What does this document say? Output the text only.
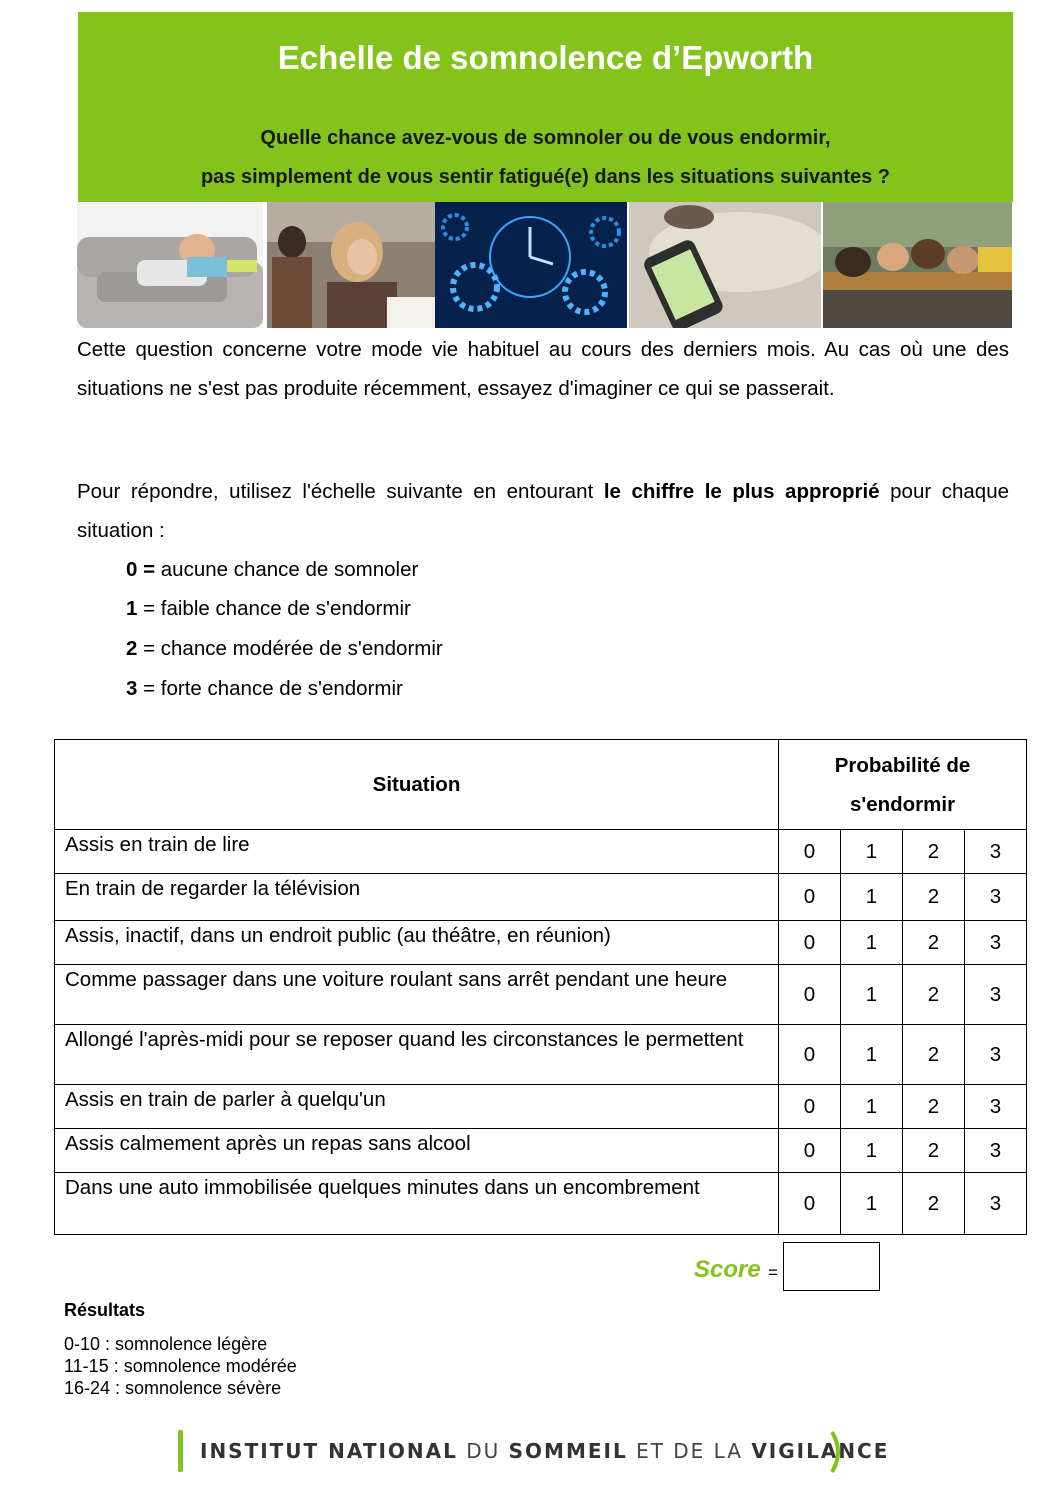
Echelle de somnolence d’Epworth
Quelle chance avez-vous de somnoler ou de vous endormir,
pas simplement de vous sentir fatigué(e) dans les situations suivantes ?
Cette question concerne votre mode vie habituel au cours des derniers mois. Au cas où une des situations ne s'est pas produite récemment, essayez d'imaginer ce qui se passerait.
Pour répondre, utilisez l'échelle suivante en entourant le chiffre le plus approprié pour chaque situation :
0 = aucune chance de somnoler
1 = faible chance de s'endormir
2 = chance modérée de s'endormir
3 = forte chance de s'endormir
Situation	Probabilité de
s'endormir			
Assis en train de lire	0	1	2	3
En train de regarder la télévision	0	1	2	3
Assis, inactif, dans un endroit public (au théâtre, en réunion)	0	1	2	3
Comme passager dans une voiture roulant sans arrêt pendant une heure	0	1	2	3
Allongé l'après-midi pour se reposer quand les circonstances le permettent	0	1	2	3
Assis en train de parler à quelqu'un	0	1	2	3
Assis calmement après un repas sans alcool	0	1	2	3
Dans une auto immobilisée quelques minutes dans un encombrement	0	1	2	3
Score =
Résultats
0-10 : somnolence légère
11-15 : somnolence modérée
16-24 : somnolence sévère
INSTITUT NATIONAL DU SOMMEIL ET DE LA VIGILANCE
